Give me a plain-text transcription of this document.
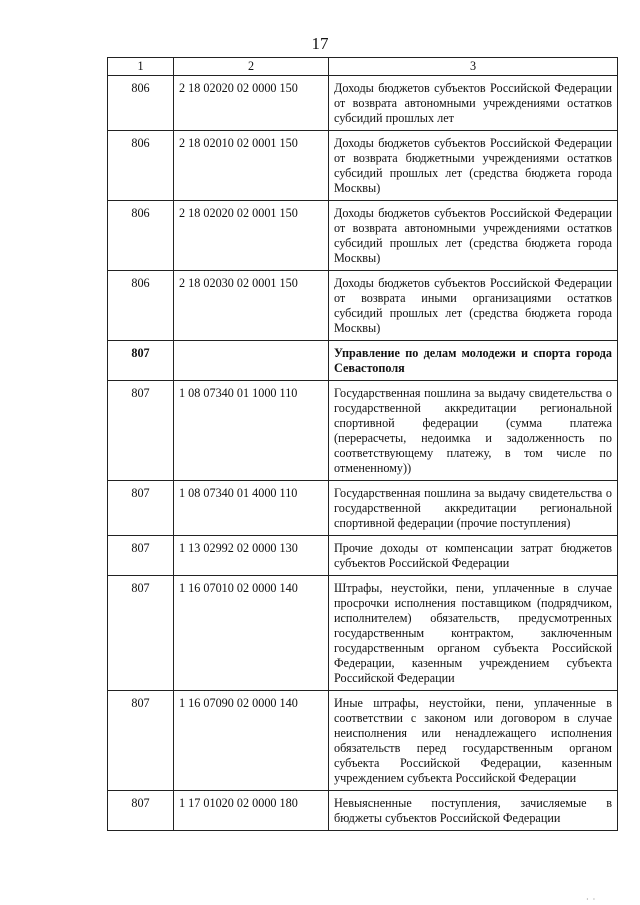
17
1	2	3
806	2 18 02020 02 0000 150	Доходы бюджетов субъектов Российской Федерации от возврата автономными учреждениями остатков субсидий прошлых лет
806	2 18 02010 02 0001 150	Доходы бюджетов субъектов Российской Федерации от возврата бюджетными учреждениями остатков субсидий прошлых лет (средства бюджета города Москвы)
806	2 18 02020 02 0001 150	Доходы бюджетов субъектов Российской Федерации от возврата автономными учреждениями остатков субсидий прошлых лет (средства бюджета города Москвы)
806	2 18 02030 02 0001 150	Доходы бюджетов субъектов Российской Федерации от возврата иными организациями остатков субсидий прошлых лет (средства бюджета города Москвы)
807		Управление по делам молодежи и спорта города Севастополя
807	1 08 07340 01 1000 110	Государственная пошлина за выдачу свидетельства о государственной аккредитации региональной спортивной федерации (сумма платежа (перерасчеты, недоимка и задолженность по соответствующему платежу, в том числе по отмененному))
807	1 08 07340 01 4000 110	Государственная пошлина за выдачу свидетельства о государственной аккредитации региональной спортивной федерации (прочие поступления)
807	1 13 02992 02 0000 130	Прочие доходы от компенсации затрат бюджетов субъектов Российской Федерации
807	1 16 07010 02 0000 140	Штрафы, неустойки, пени, уплаченные в случае просрочки исполнения поставщиком (подрядчиком, исполнителем) обязательств, предусмотренных государственным контрактом, заключенным государственным органом субъекта Российской Федерации, казенным учреждением субъекта Российской Федерации
807	1 16 07090 02 0000 140	Иные штрафы, неустойки, пени, уплаченные в соответствии с законом или договором в случае неисполнения или ненадлежащего исполнения обязательств перед государственным органом субъекта Российской Федерации, казенным учреждением субъекта Российской Федерации
807	1 17 01020 02 0000 180	Невыясненные поступления, зачисляемые в бюджеты субъектов Российской Федерации
· ·
